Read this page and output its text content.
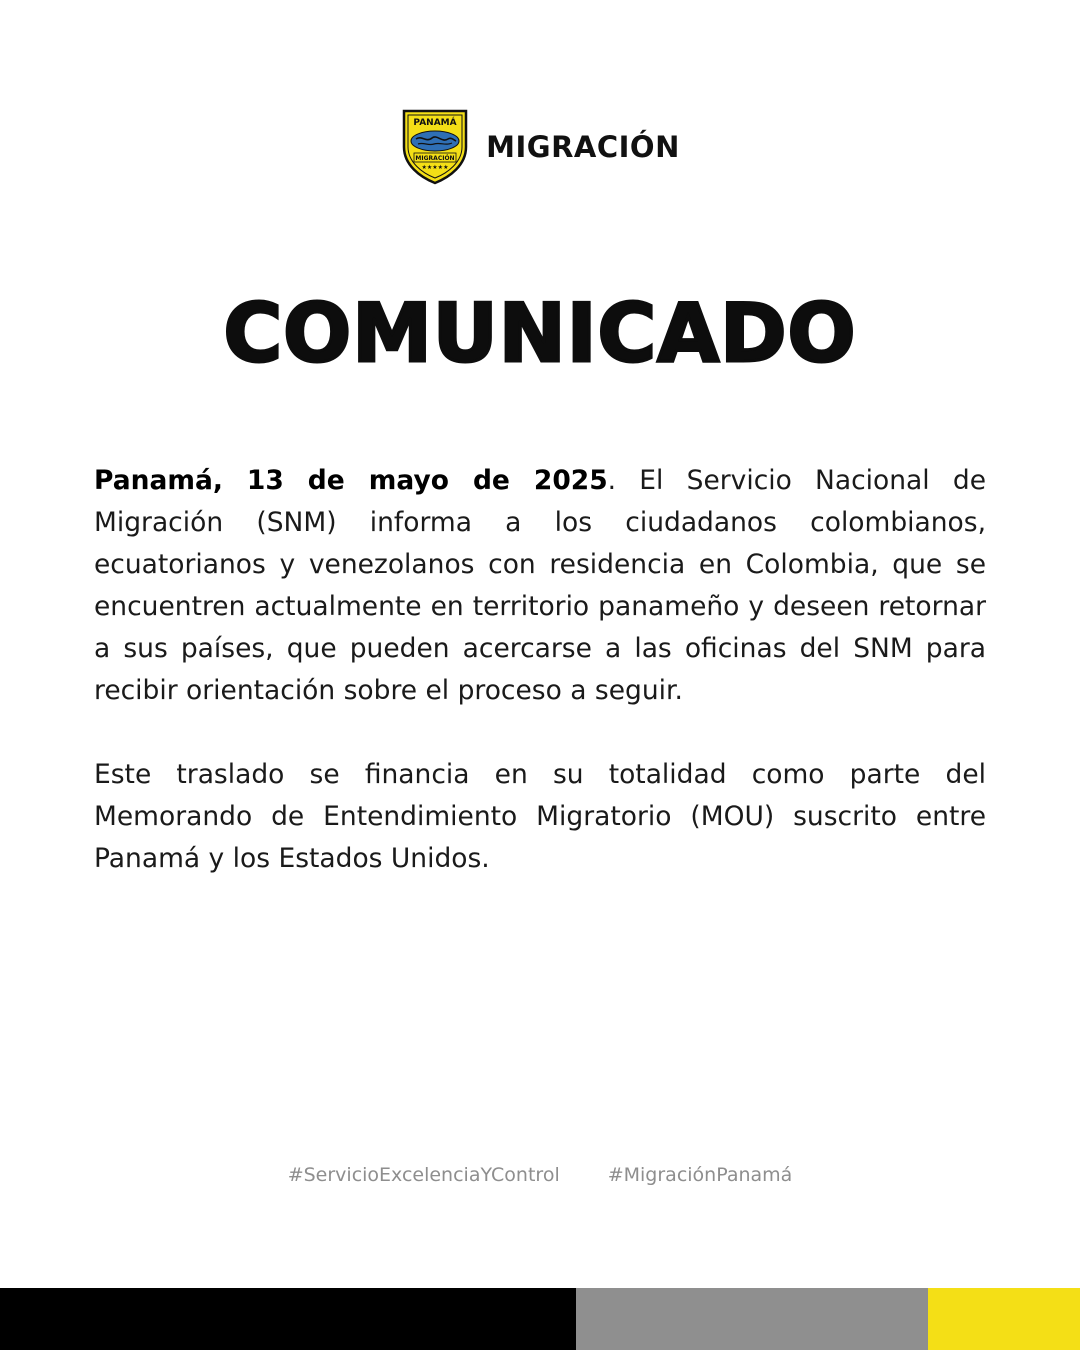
PANAMÁ
MIGRACIÓN
★★★★★
MIGRACIÓN
COMUNICADO

Panamá, 13 de mayo de 2025. El Servicio Nacional de Migración (SNM) informa a los ciudadanos colombianos, ecuatorianos y venezolanos con residencia en Colombia, que se encuentren actualmente en territorio panameño y deseen retornar a sus países, que pueden acercarse a las oficinas del SNM para recibir orientación sobre el proceso a seguir.

Este traslado se financia en su totalidad como parte del Memorando de Entendimiento Migratorio (MOU) suscrito entre Panamá y los Estados Unidos.

#ServicioExcelenciaYControl	#MigraciónPanamá
